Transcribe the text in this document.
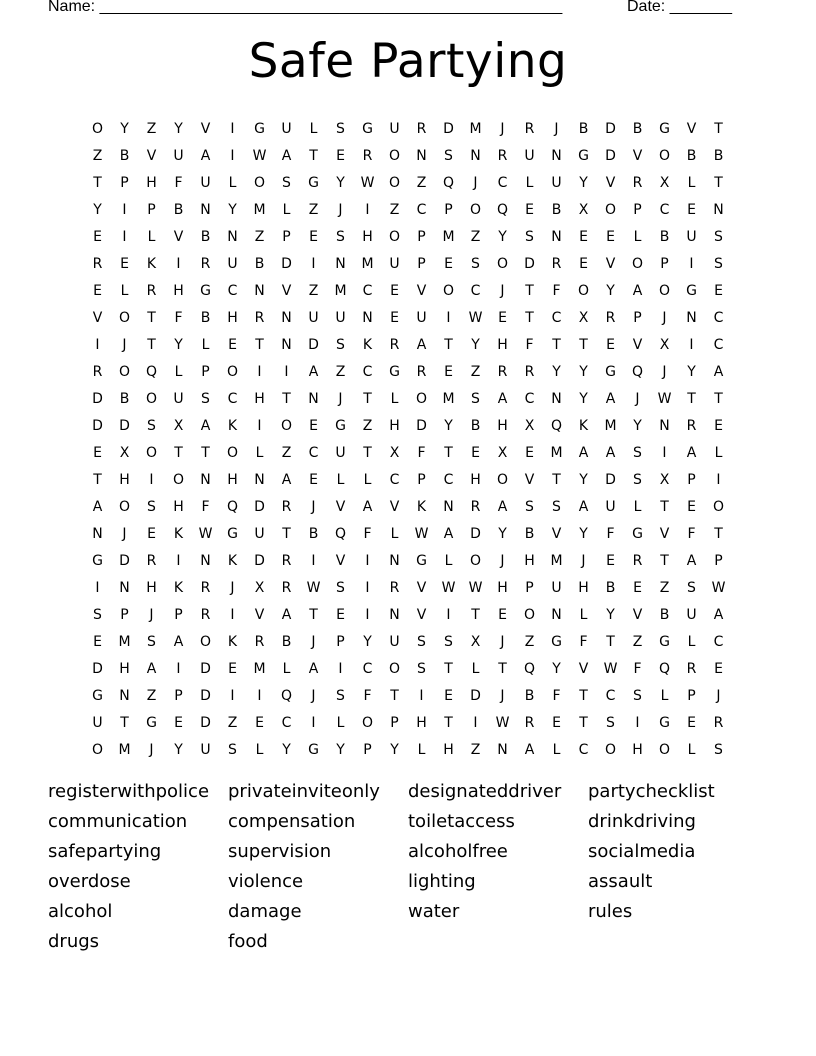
Name: ____________________________________________________	Date: _______
Safe Partying
O	Y	Z	Y	V	I	G	U	L	S	G	U	R	D	M	J	R	J	B	D	B	G	V	T
Z	B	V	U	A	I	W	A	T	E	R	O	N	S	N	R	U	N	G	D	V	O	B	B
T	P	H	F	U	L	O	S	G	Y	W	O	Z	Q	J	C	L	U	Y	V	R	X	L	T
Y	I	P	B	N	Y	M	L	Z	J	I	Z	C	P	O	Q	E	B	X	O	P	C	E	N
E	I	L	V	B	N	Z	P	E	S	H	O	P	M	Z	Y	S	N	E	E	L	B	U	S
R	E	K	I	R	U	B	D	I	N	M	U	P	E	S	O	D	R	E	V	O	P	I	S
E	L	R	H	G	C	N	V	Z	M	C	E	V	O	C	J	T	F	O	Y	A	O	G	E
V	O	T	F	B	H	R	N	U	U	N	E	U	I	W	E	T	C	X	R	P	J	N	C
I	J	T	Y	L	E	T	N	D	S	K	R	A	T	Y	H	F	T	T	E	V	X	I	C
R	O	Q	L	P	O	I	I	A	Z	C	G	R	E	Z	R	R	Y	Y	G	Q	J	Y	A
D	B	O	U	S	C	H	T	N	J	T	L	O	M	S	A	C	N	Y	A	J	W	T	T
D	D	S	X	A	K	I	O	E	G	Z	H	D	Y	B	H	X	Q	K	M	Y	N	R	E
E	X	O	T	T	O	L	Z	C	U	T	X	F	T	E	X	E	M	A	A	S	I	A	L
T	H	I	O	N	H	N	A	E	L	L	C	P	C	H	O	V	T	Y	D	S	X	P	I
A	O	S	H	F	Q	D	R	J	V	A	V	K	N	R	A	S	S	A	U	L	T	E	O
N	J	E	K	W	G	U	T	B	Q	F	L	W	A	D	Y	B	V	Y	F	G	V	F	T
G	D	R	I	N	K	D	R	I	V	I	N	G	L	O	J	H	M	J	E	R	T	A	P
I	N	H	K	R	J	X	R	W	S	I	R	V	W W	H	P	U	H	B	E	Z	S	W
S	P	J	P	R	I	V	A	T	E	I	N	V	I	T	E	O	N	L	Y	V	B	U	A
E	M	S	A	O	K	R	B	J	P	Y	U	S	S	X	J	Z	G	F	T	Z	G	L	C
D	H	A	I	D	E	M	L	A	I	C	O	S	T	L	T	Q	Y	V	W	F	Q	R	E
G	N	Z	P	D	I	I	Q	J	S	F	T	I	E	D	J	B	F	T	C	S	L	P	J
U	T	G	E	D	Z	E	C	I	L	O	P	H	T	I	W	R	E	T	S	I	G	E	R
O	M	J	Y	U	S	L	Y	G	Y	P	Y	L	H	Z	N	A	L	C	O	H	O	L	S
registerwithpolice	privateinviteonly	designateddriver	partychecklist
communication	compensation	toiletaccess	drinkdriving
safepartying	supervision	alcoholfree	socialmedia
overdose	violence	lighting	assault
alcohol	damage	water	rules
drugs	food
